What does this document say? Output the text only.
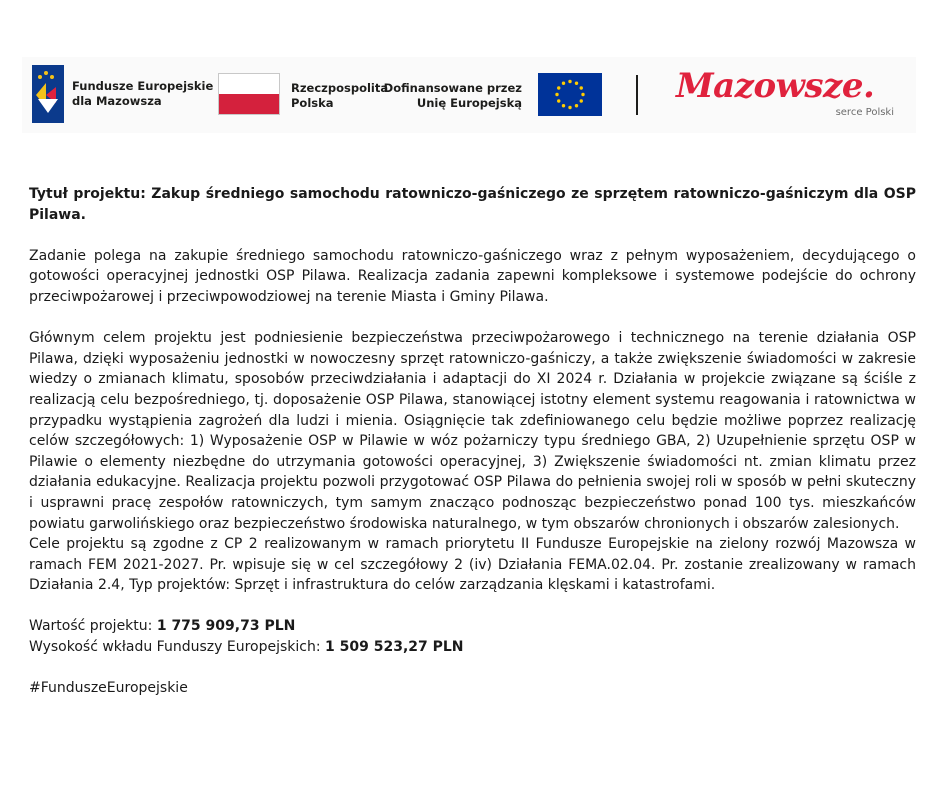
Fundusze Europejskie
dla Mazowsza
Rzeczpospolita
Polska
Dofinansowane przez
Unię Europejską	Mazowsze.
serce Polski

Tytuł projektu: Zakup średniego samochodu ratowniczo-gaśniczego ze sprzętem ratowniczo-gaśniczym dla OSP Pilawa.

Zadanie polega na zakupie średniego samochodu ratowniczo-gaśniczego wraz z pełnym wyposażeniem, decydującego o gotowości operacyjnej jednostki OSP Pilawa. Realizacja zadania zapewni kompleksowe i systemowe podejście do ochrony przeciwpożarowej i przeciwpowodziowej na terenie Miasta i Gminy Pilawa.

Głównym celem projektu jest podniesienie bezpieczeństwa przeciwpożarowego i technicznego na terenie działania OSP Pilawa, dzięki wyposażeniu jednostki w nowoczesny sprzęt ratowniczo-gaśniczy, a także zwiększenie świadomości w zakresie wiedzy o zmianach klimatu, sposobów przeciwdziałania i adaptacji do XI 2024 r. Działania w projekcie związane są ściśle z realizacją celu bezpośredniego, tj. doposażenie OSP Pilawa, stanowiącej istotny element systemu reagowania i ratownictwa w przypadku wystąpienia zagrożeń dla ludzi i mienia. Osiągnięcie tak zdefiniowanego celu będzie możliwe poprzez realizację celów szczegółowych: 1) Wyposażenie OSP w Pilawie w wóz pożarniczy typu średniego GBA, 2) Uzupełnienie sprzętu OSP w Pilawie o elementy niezbędne do utrzymania gotowości operacyjnej, 3) Zwiększenie świadomości nt. zmian klimatu przez działania edukacyjne. Realizacja projektu pozwoli przygotować OSP Pilawa do pełnienia swojej roli w sposób w pełni skuteczny i usprawni pracę zespołów ratowniczych, tym samym znacząco podnosząc bezpieczeństwo ponad 100 tys. mieszkańców powiatu garwolińskiego oraz bezpieczeństwo środowiska naturalnego, w tym obszarów chronionych i obszarów zalesionych.

Cele projektu są zgodne z CP 2 realizowanym w ramach priorytetu II Fundusze Europejskie na zielony rozwój Mazowsza w ramach FEM 2021-2027. Pr. wpisuje się w cel szczegółowy 2 (iv) Działania FEMA.02.04. Pr. zostanie zrealizowany w ramach Działania 2.4, Typ projektów: Sprzęt i infrastruktura do celów zarządzania klęskami i katastrofami.

Wartość projektu: 1 775 909,73 PLN

Wysokość wkładu Funduszy Europejskich: 1 509 523,27 PLN

#FunduszeEuropejskie
